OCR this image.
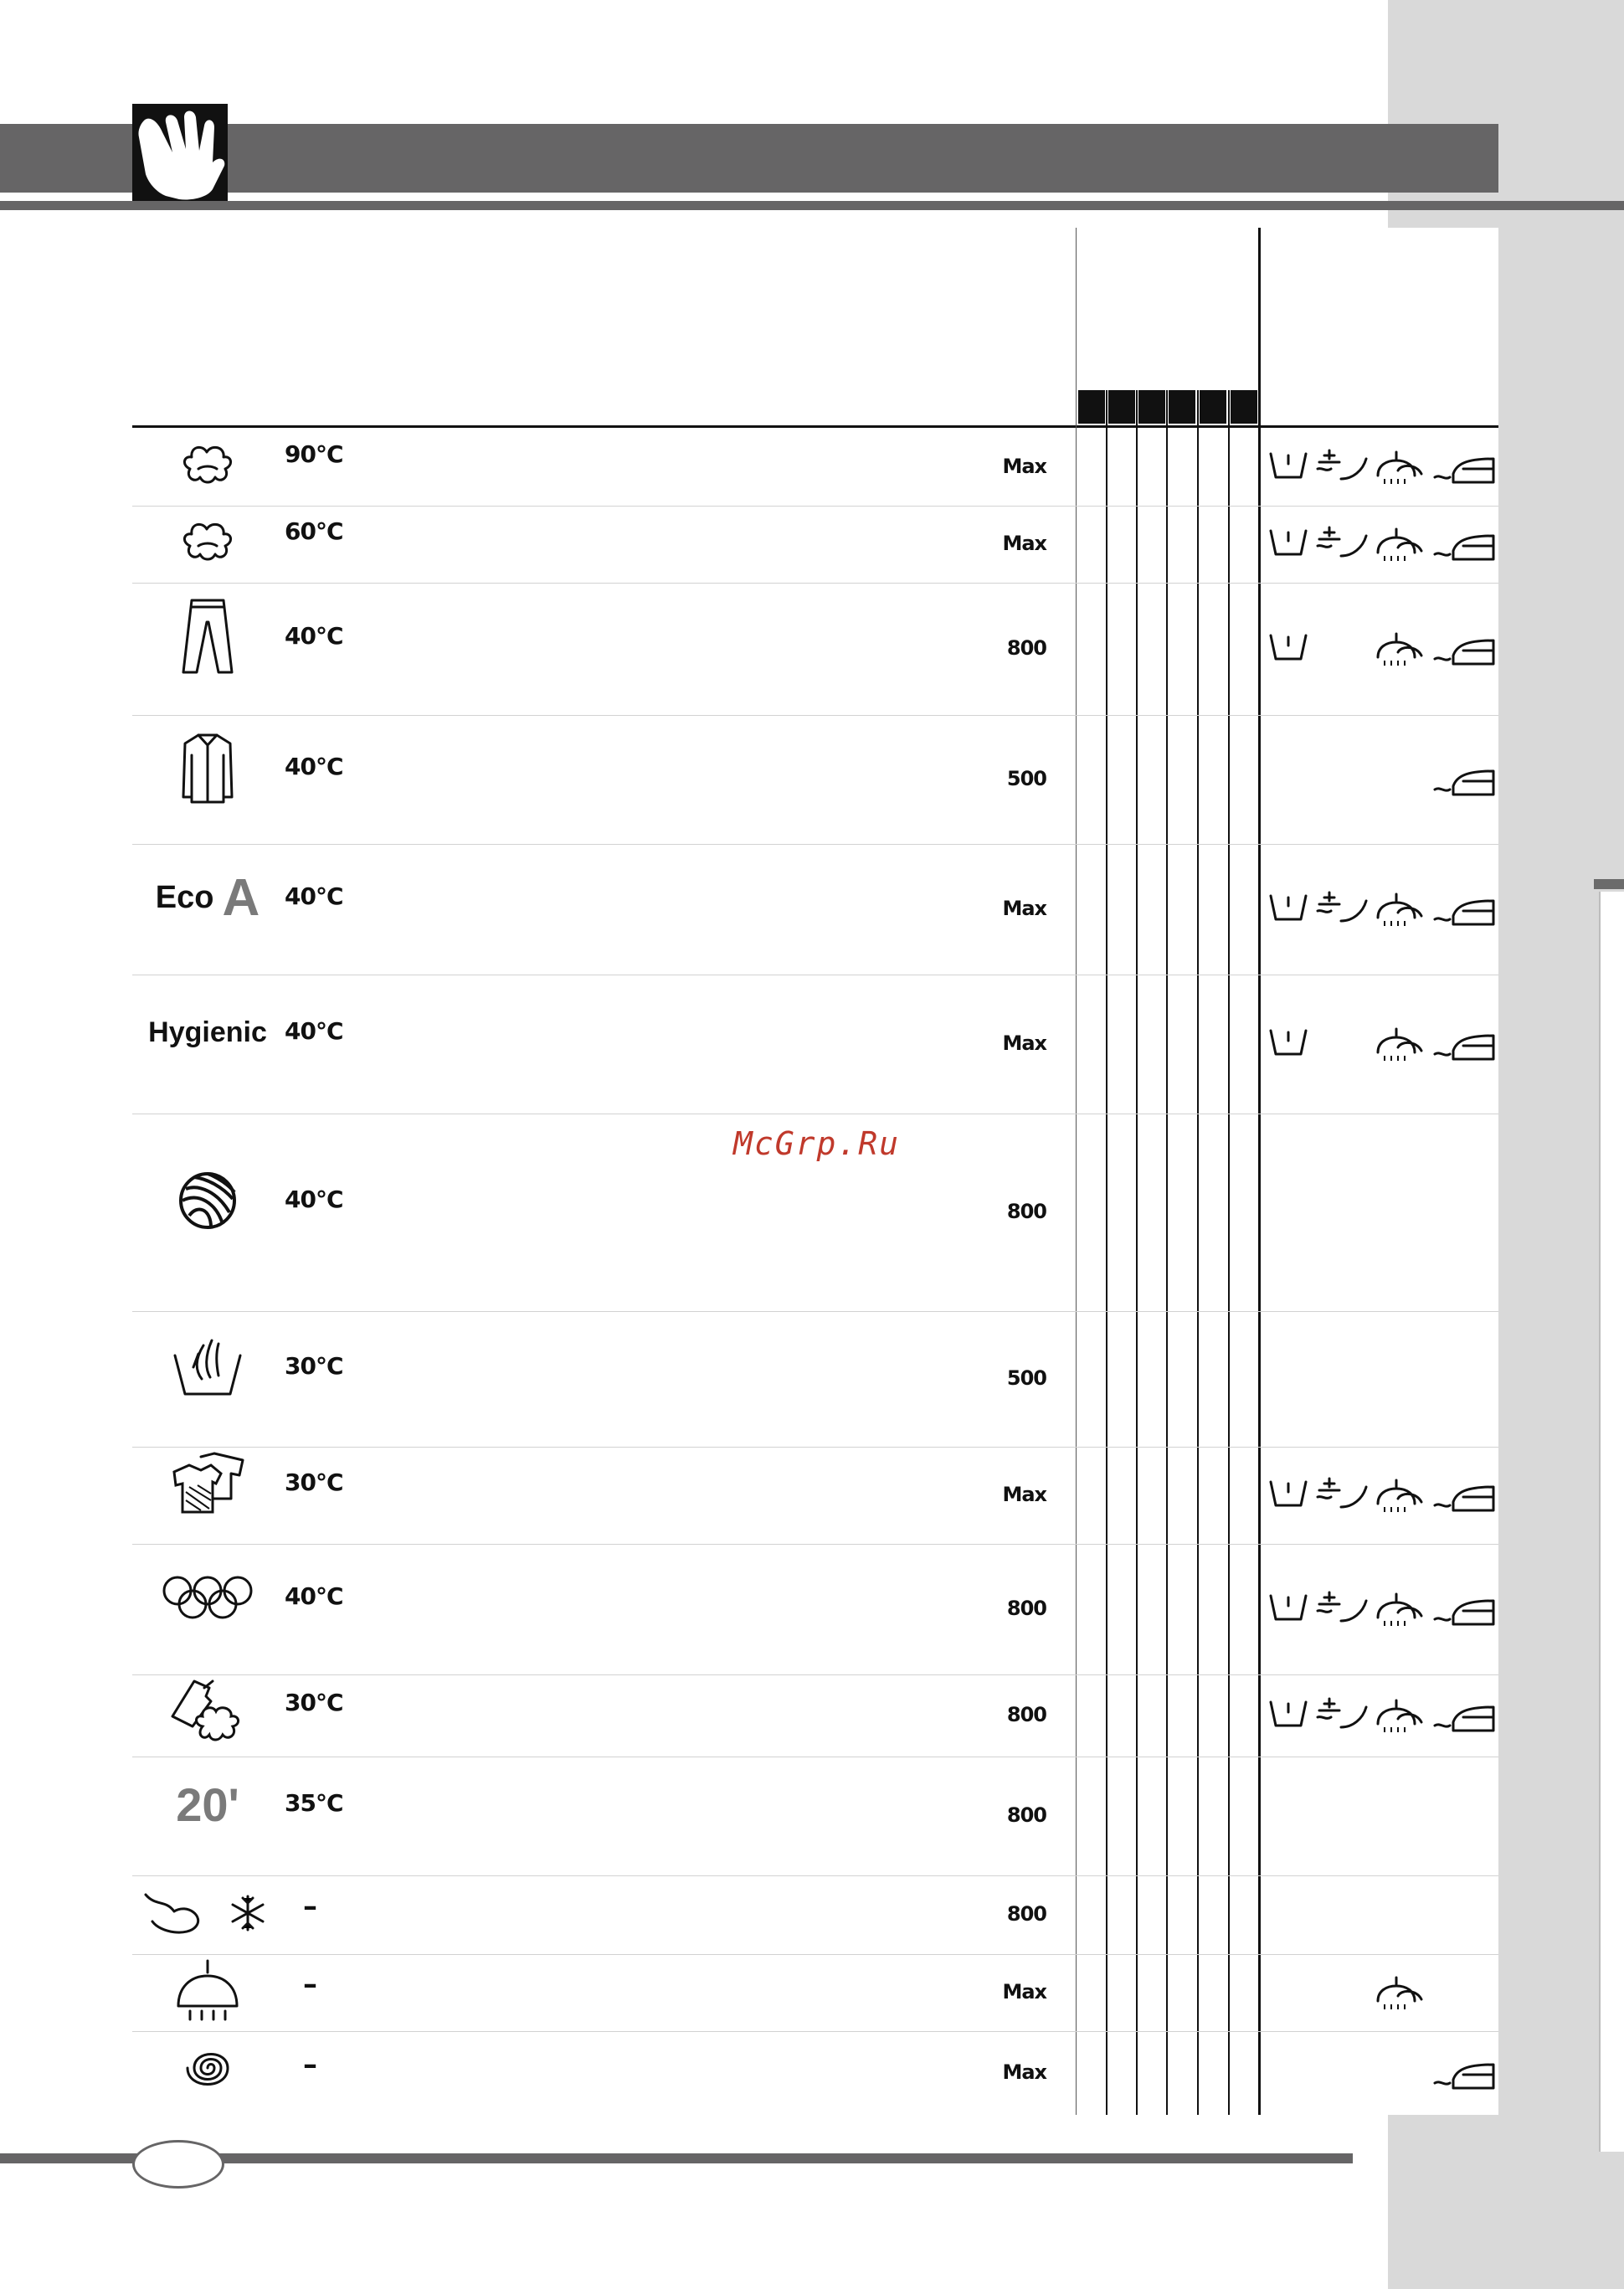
90°C	Max
60°C	Max
40°C	800
40°C	500
Eco A 40°C	Max
Hygienic 40°C	Max
40°C	800
30°C	500
30°C	Max
40°C	800
30°C	800
20' 35°C	800
–	800
–	Max
–	Max
McGrp.Ru
